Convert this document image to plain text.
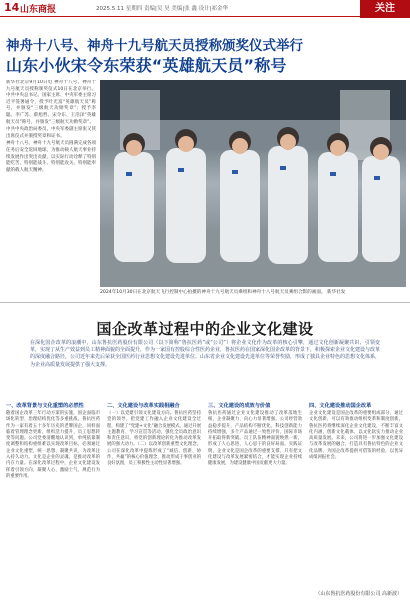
14 山东商报	2025.5.11 星期四 责编|吴 昊 美编|张 鑫 设计|祁金华	关注
神舟十八号、神舟十九号航天员授称颁奖仪式举行
山东小伙宋令东荣获“英雄航天员”称号

新华社北京9月10日电 神舟十八号、神舟十九号航天员授称颁奖仪式10日在北京举行。中共中央总书记、国家主席、中央军委主席习近平签署通令，授予叶光富“英雄航天员”称号，并颁发“三级航天功勋奖章”；授予李聪、李广苏、蔡旭哲、宋令东、王浩泽“英雄航天员”称号，并颁发“三级航天功勋奖章”。

中共中央政治局委员、中央军委副主席张又侠出席仪式并颁授奖章和证书。

神舟十八号、神舟十九号航天员圆满完成各项任务后安全返回地球，为推动载人航天事业持续发展作出突出贡献，以实际行动诠释了特别能吃苦、特别能战斗、特别能攻关、特别能奉献的载人航天精神。

2024年10月30日在北京航天飞行控制中心拍摄的神舟十九号航天员乘组和神舟十八号航天员乘组合影的画面。 新华社发
国企改革过程中的企业文化建设
在深化国企改革的浪潮中，山东鲁抗医药股份有限公司（以下简称“鲁抗医药”或“公司”）将企业文化作为改革的核心引擎，通过文化创新凝聚共识、引领变革，实现了从生产效益到员工精神面貌的全面提升，作为一家国有控股综合性医药企业，鲁抗医药在国家深化国企改革的背景下，积极探索企业文化建设与改革的深度融合路径，公司近年来先后荣获全国医药行业思想文化建设先进单位、山东省企业文化建设先进单位等荣誉奖励，形成了独具企业特色的思想文化体系，为企业高质量发展提供了强大支撑。
一、改革背景与文化重塑的必然性

随着国企改革三年行动方案的实施，国企面临市场化转型、治理结构优化等多重挑战。鲁抗医药作为一家有着五十多年历史的老牌国企，同样面临着管理理念更新、组织活力提升、员工思想转变等问题。公司党委清醒地认识到，单纯依靠制度调整和结构重组难以实现改革目标，必须通过企业文化重塑，统一思想、凝聚共识，为改革注入持久动力。文化是企业的灵魂，是推动改革的内在力量。在深化改革过程中，企业文化建设发挥着引领方向、凝聚人心、激励士气、规范行为的重要作用。

二、文化建设与改革实践相融合

（一）以党建引领文化建设方向。鲁抗医药坚持党的领导，把党建工作融入企业文化建设全过程，构建了“党建+文化”融合发展模式，通过开展主题教育、学习宣贯等活动，强化全员政治意识和责任意识，将党的创新理论转化为推动改革发展的强大动力。（二）以改革创新重塑文化理念。公司在深化改革中提炼形成了“诚信、创新、协作、共赢”的核心价值理念，推动形成干事创业的良好氛围，员工积极性主动性显著增强。

三、文化建设的成效与价值

鲁抗医药通过企业文化建设推动了改革落地生根，企业凝聚力、向心力显著增强。公司经营效益稳步提升，产品结构不断优化，科技创新能力持续增强，多个产品通过一致性评价，国际市场开拓取得新突破。员工队伍精神面貌焕然一新，形成了人心思进、人心思干的良好局面。实践证明，企业文化是国企改革的重要支撑，只有把文化建设与改革发展紧密结合，才能实现企业持续健康发展，为建设健康中国贡献更大力量。

四、文化建设推动国企改革

企业文化建设是国企改革的重要组成部分，通过文化创新，可以有效推动组织变革和制度创新。鲁抗医药将继续深化企业文化建设，不断丰富文化内涵，创新文化载体，以文化软实力推动企业高质量发展。未来，公司将进一步加强文化建设与改革发展的融合，打造具有鲁抗特色的企业文化品牌，为国企改革提供可借鉴的经验，以优异成绩回报社会。

（山东鲁抗医药股份有限公司 高新波）
